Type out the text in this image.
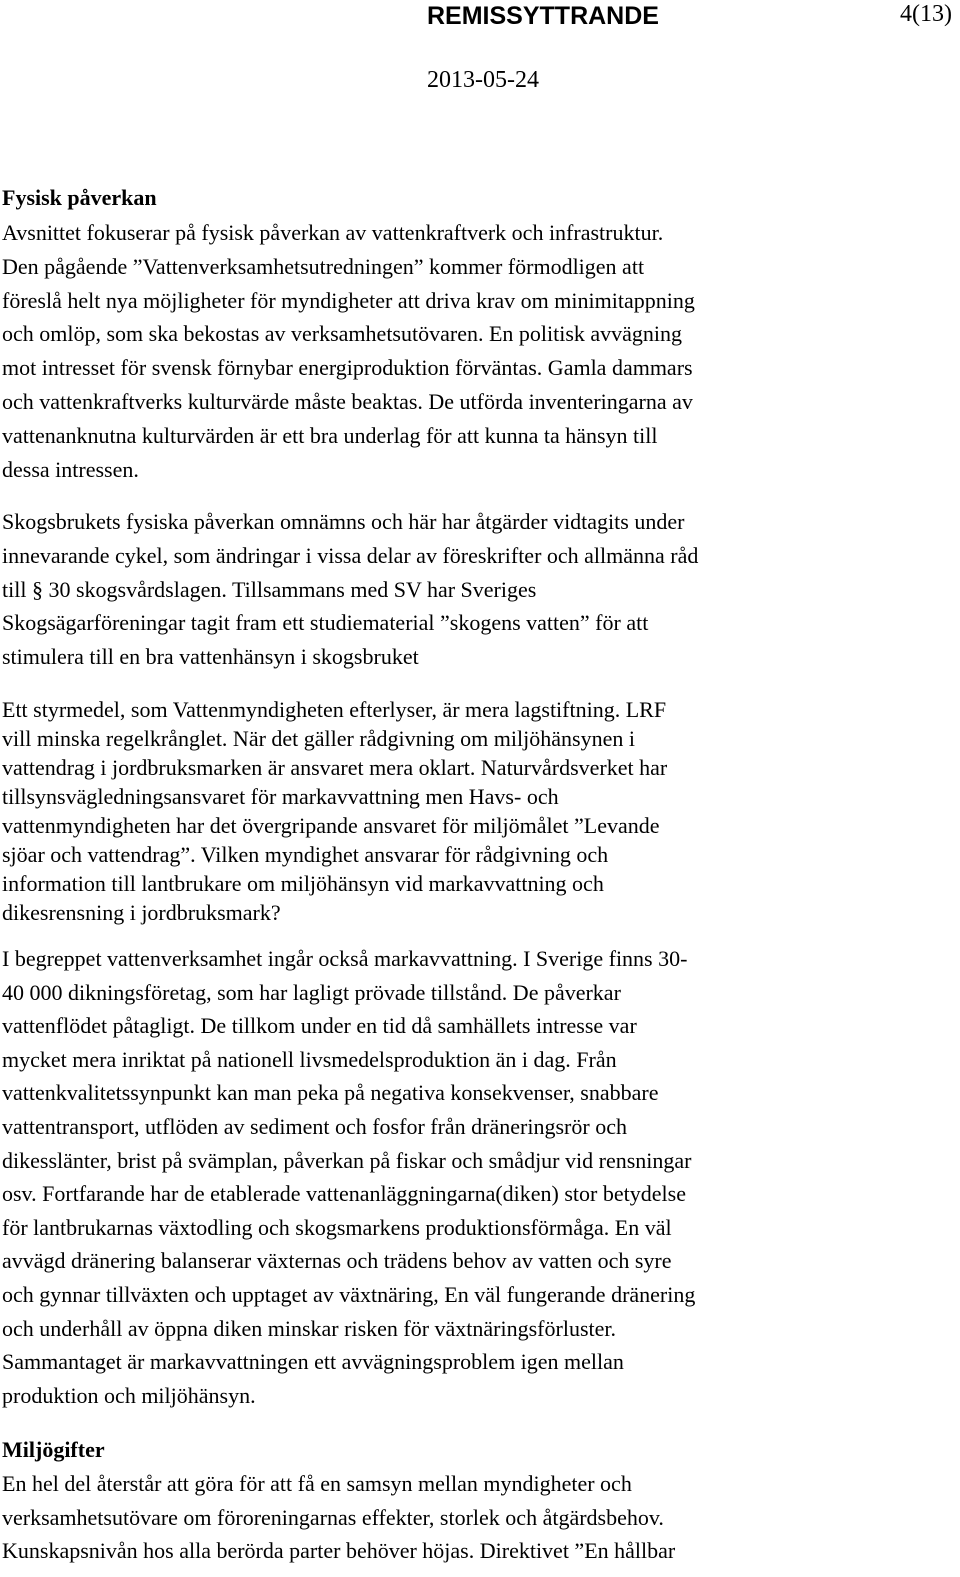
REMISSYTTRANDE	4(13)
2013-05-24
Fysisk påverkan
Avsnittet fokuserar på fysisk påverkan av vattenkraftverk och infrastruktur.
Den pågående ”Vattenverksamhetsutredningen” kommer förmodligen att
föreslå helt nya möjligheter för myndigheter att driva krav om minimitappning
och omlöp, som ska bekostas av verksamhetsutövaren. En politisk avvägning
mot intresset för svensk förnybar energiproduktion förväntas. Gamla dammars
och vattenkraftverks kulturvärde måste beaktas. De utförda inventeringarna av
vattenanknutna kulturvärden är ett bra underlag för att kunna ta hänsyn till
dessa intressen.
Skogsbrukets fysiska påverkan omnämns och här har åtgärder vidtagits under
innevarande cykel, som ändringar i vissa delar av föreskrifter och allmänna råd
till § 30 skogsvårdslagen. Tillsammans med SV har Sveriges
Skogsägarföreningar tagit fram ett studiematerial ”skogens vatten” för att
stimulera till en bra vattenhänsyn i skogsbruket
Ett styrmedel, som Vattenmyndigheten efterlyser, är mera lagstiftning. LRF
vill minska regelkrånglet. När det gäller rådgivning om miljöhänsynen i
vattendrag i jordbruksmarken är ansvaret mera oklart. Naturvårdsverket har
tillsynsvägledningsansvaret för markavvattning men Havs- och
vattenmyndigheten har det övergripande ansvaret för miljömålet ”Levande
sjöar och vattendrag”. Vilken myndighet ansvarar för rådgivning och
information till lantbrukare om miljöhänsyn vid markavvattning och
dikesrensning i jordbruksmark?
I begreppet vattenverksamhet ingår också markavvattning. I Sverige finns 30-
40 000 dikningsföretag, som har lagligt prövade tillstånd. De påverkar
vattenflödet påtagligt. De tillkom under en tid då samhällets intresse var
mycket mera inriktat på nationell livsmedelsproduktion än i dag. Från
vattenkvalitetssynpunkt kan man peka på negativa konsekvenser, snabbare
vattentransport, utflöden av sediment och fosfor från dräneringsrör och
dikesslänter, brist på svämplan, påverkan på fiskar och smådjur vid rensningar
osv. Fortfarande har de etablerade vattenanläggningarna(diken) stor betydelse
för lantbrukarnas växtodling och skogsmarkens produktionsförmåga. En väl
avvägd dränering balanserar växternas och trädens behov av vatten och syre
och gynnar tillväxten och upptaget av växtnäring, En väl fungerande dränering
och underhåll av öppna diken minskar risken för växtnäringsförluster.
Sammantaget är markavvattningen ett avvägningsproblem igen mellan
produktion och miljöhänsyn.
Miljögifter
En hel del återstår att göra för att få en samsyn mellan myndigheter och
verksamhetsutövare om föroreningarnas effekter, storlek och åtgärdsbehov.
Kunskapsnivån hos alla berörda parter behöver höjas. Direktivet ”En hållbar
